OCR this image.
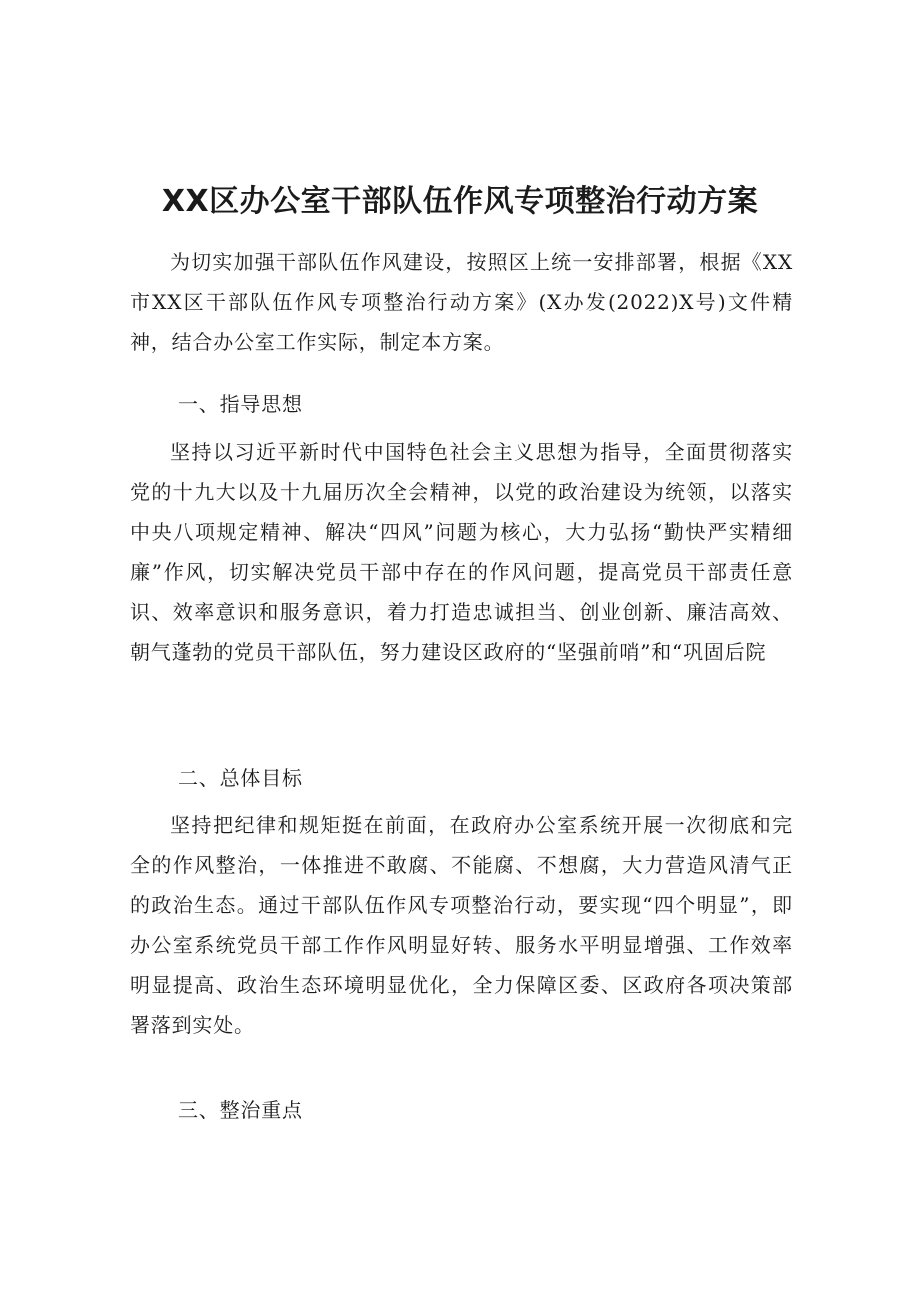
XX区办公室干部队伍作风专项整治行动方案

为切实加强干部队伍作风建设，按照区上统一安排部署，根据《XX市XX区干部队伍作风专项整治行动方案》(X办发(2022)X号)文件精神，结合办公室工作实际，制定本方案。

一、指导思想

坚持以习近平新时代中国特色社会主义思想为指导，全面贯彻落实党的十九大以及十九届历次全会精神，以党的政治建设为统领，以落实中央八项规定精神、解决“四风”问题为核心，大力弘扬“勤快严实精细廉”作风，切实解决党员干部中存在的作风问题，提高党员干部责任意识、效率意识和服务意识，着力打造忠诚担当、创业创新、廉洁高效、朝气蓬勃的党员干部队伍，努力建设区政府的“坚强前哨”和“巩固后院

二、总体目标

坚持把纪律和规矩挺在前面，在政府办公室系统开展一次彻底和完全的作风整治，一体推进不敢腐、不能腐、不想腐，大力营造风清气正的政治生态。通过干部队伍作风专项整治行动，要实现“四个明显”，即办公室系统党员干部工作作风明显好转、服务水平明显增强、工作效率明显提高、政治生态环境明显优化，全力保障区委、区政府各项决策部署落到实处。

三、整治重点
